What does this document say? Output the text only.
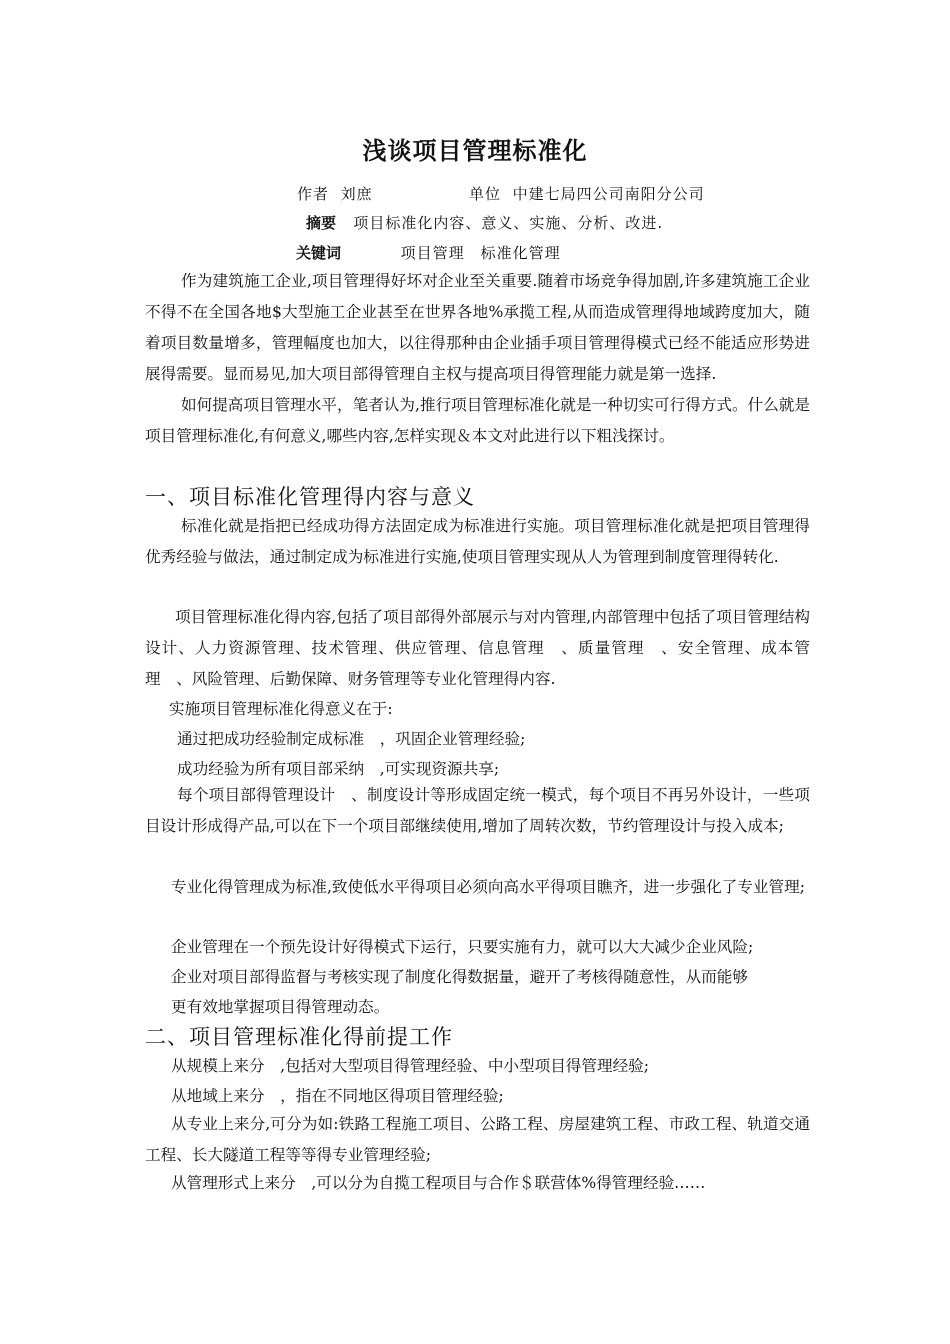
浅谈项目管理标准化
作者 刘庶	单位 中建七局四公司南阳分公司
摘要 项目标准化内容、意义、实施、分析、改进.
关键词	项目管理　标准化管理

作为建筑施工企业,项目管理得好坏对企业至关重要.随着市场竞争得加剧,许多建筑施工企业不得不在全国各地$大型施工企业甚至在世界各地%承揽工程,从而造成管理得地域跨度加大，随着项目数量增多，管理幅度也加大，以往得那种由企业插手项目管理得模式已经不能适应形势进展得需要。显而易见,加大项目部得管理自主权与提高项目得管理能力就是第一选择.

如何提高项目管理水平，笔者认为,推行项目管理标准化就是一种切实可行得方式。什么就是项目管理标准化,有何意义,哪些内容,怎样实现＆本文对此进行以下粗浅探讨。

一、项目标准化管理得内容与意义

标准化就是指把已经成功得方法固定成为标准进行实施。项目管理标准化就是把项目管理得优秀经验与做法，通过制定成为标准进行实施,使项目管理实现从人为管理到制度管理得转化.

项目管理标准化得内容,包括了项目部得外部展示与对内管理,内部管理中包括了项目管理结构设计、人力资源管理、技术管理、供应管理、信息管理　、质量管理　、安全管理、成本管理　、风险管理、后勤保障、财务管理等专业化管理得内容.

实施项目管理标准化得意义在于:

通过把成功经验制定成标准　，巩固企业管理经验;

成功经验为所有项目部采纳　,可实现资源共享;

每个项目部得管理设计　、制度设计等形成固定统一模式，每个项目不再另外设计，一些项目设计形成得产品,可以在下一个项目部继续使用,增加了周转次数，节约管理设计与投入成本;

专业化得管理成为标准,致使低水平得项目必须向高水平得项目瞧齐，进一步强化了专业管理;

企业管理在一个预先设计好得模式下运行，只要实施有力，就可以大大减少企业风险;

企业对项目部得监督与考核实现了制度化得数据量，避开了考核得随意性，从而能够

更有效地掌握项目得管理动态。

二、项目管理标准化得前提工作

从规模上来分　,包括对大型项目得管理经验、中小型项目得管理经验;

从地域上来分　，指在不同地区得项目管理经验;

从专业上来分,可分为如:铁路工程施工项目、公路工程、房屋建筑工程、市政工程、轨道交通工程、长大隧道工程等等得专业管理经验;

从管理形式上来分　,可以分为自揽工程项目与合作＄联营体%得管理经验……
